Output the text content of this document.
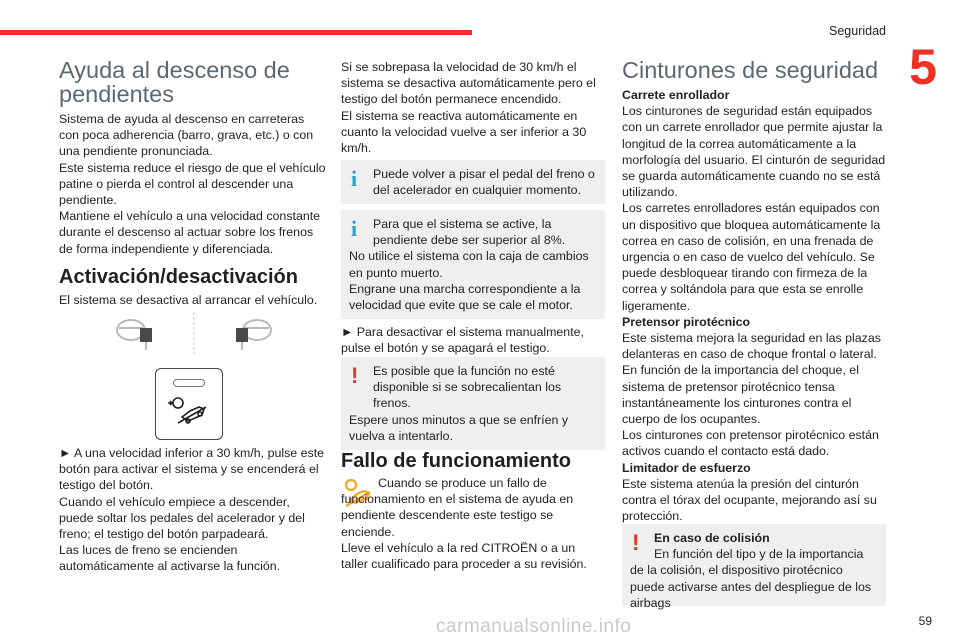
Seguridad
5
Ayuda al descenso de pendientes

Sistema de ayuda al descenso en carreteras con poca adherencia (barro, grava, etc.) o con una pendiente pronunciada.

Este sistema reduce el riesgo de que el vehículo patine o pierda el control al descender una pendiente.

Mantiene el vehículo a una velocidad constante durante el descenso al actuar sobre los frenos de forma independiente y diferenciada.

Activación/desactivación

El sistema se desactiva al arrancar el vehículo.

► A una velocidad inferior a 30 km/h, pulse este botón para activar el sistema y se encenderá el testigo del botón.

Cuando el vehículo empiece a descender, puede soltar los pedales del acelerador y del freno; el testigo del botón parpadeará.

Las luces de freno se encienden automáticamente al activarse la función.

Si se sobrepasa la velocidad de 30 km/h el sistema se desactiva automáticamente pero el testigo del botón permanece encendido.

El sistema se reactiva automáticamente en cuanto la velocidad vuelve a ser inferior a 30 km/h.

i	Puede volver a pisar el pedal del freno o del acelerador en cualquier momento.

i	Para que el sistema se active, la pendiente debe ser superior al 8%.

No utilice el sistema con la caja de cambios en punto muerto.

Engrane una marcha correspondiente a la velocidad que evite que se cale el motor.

► Para desactivar el sistema manualmente, pulse el botón y se apagará el testigo.

!	Es posible que la función no esté disponible si se sobrecalientan los frenos.

Espere unos minutos a que se enfríen y vuelva a intentarlo.

Fallo de funcionamiento

Cuando se produce un fallo de funcionamiento en el sistema de ayuda en pendiente descendente este testigo se enciende.

Lleve el vehículo a la red CITROËN o a un taller cualificado para proceder a su revisión.

Cinturones de seguridad

Carrete enrollador

Los cinturones de seguridad están equipados con un carrete enrollador que permite ajustar la longitud de la correa automáticamente a la morfología del usuario. El cinturón de seguridad se guarda automáticamente cuando no se está utilizando.

Los carretes enrolladores están equipados con un dispositivo que bloquea automáticamente la correa en caso de colisión, en una frenada de urgencia o en caso de vuelco del vehículo. Se puede desbloquear tirando con firmeza de la correa y soltándola para que esta se enrolle ligeramente.

Pretensor pirotécnico

Este sistema mejora la seguridad en las plazas delanteras en caso de choque frontal o lateral.

En función de la importancia del choque, el sistema de pretensor pirotécnico tensa instantáneamente los cinturones contra el cuerpo de los ocupantes.

Los cinturones con pretensor pirotécnico están activos cuando el contacto está dado.

Limitador de esfuerzo

Este sistema atenúa la presión del cinturón contra el tórax del ocupante, mejorando así su protección.

!	En caso de colisión

En función del tipo y de la importancia de la colisión, el dispositivo pirotécnico puede activarse antes del despliegue de los airbags

59
carmanualsonline.info
